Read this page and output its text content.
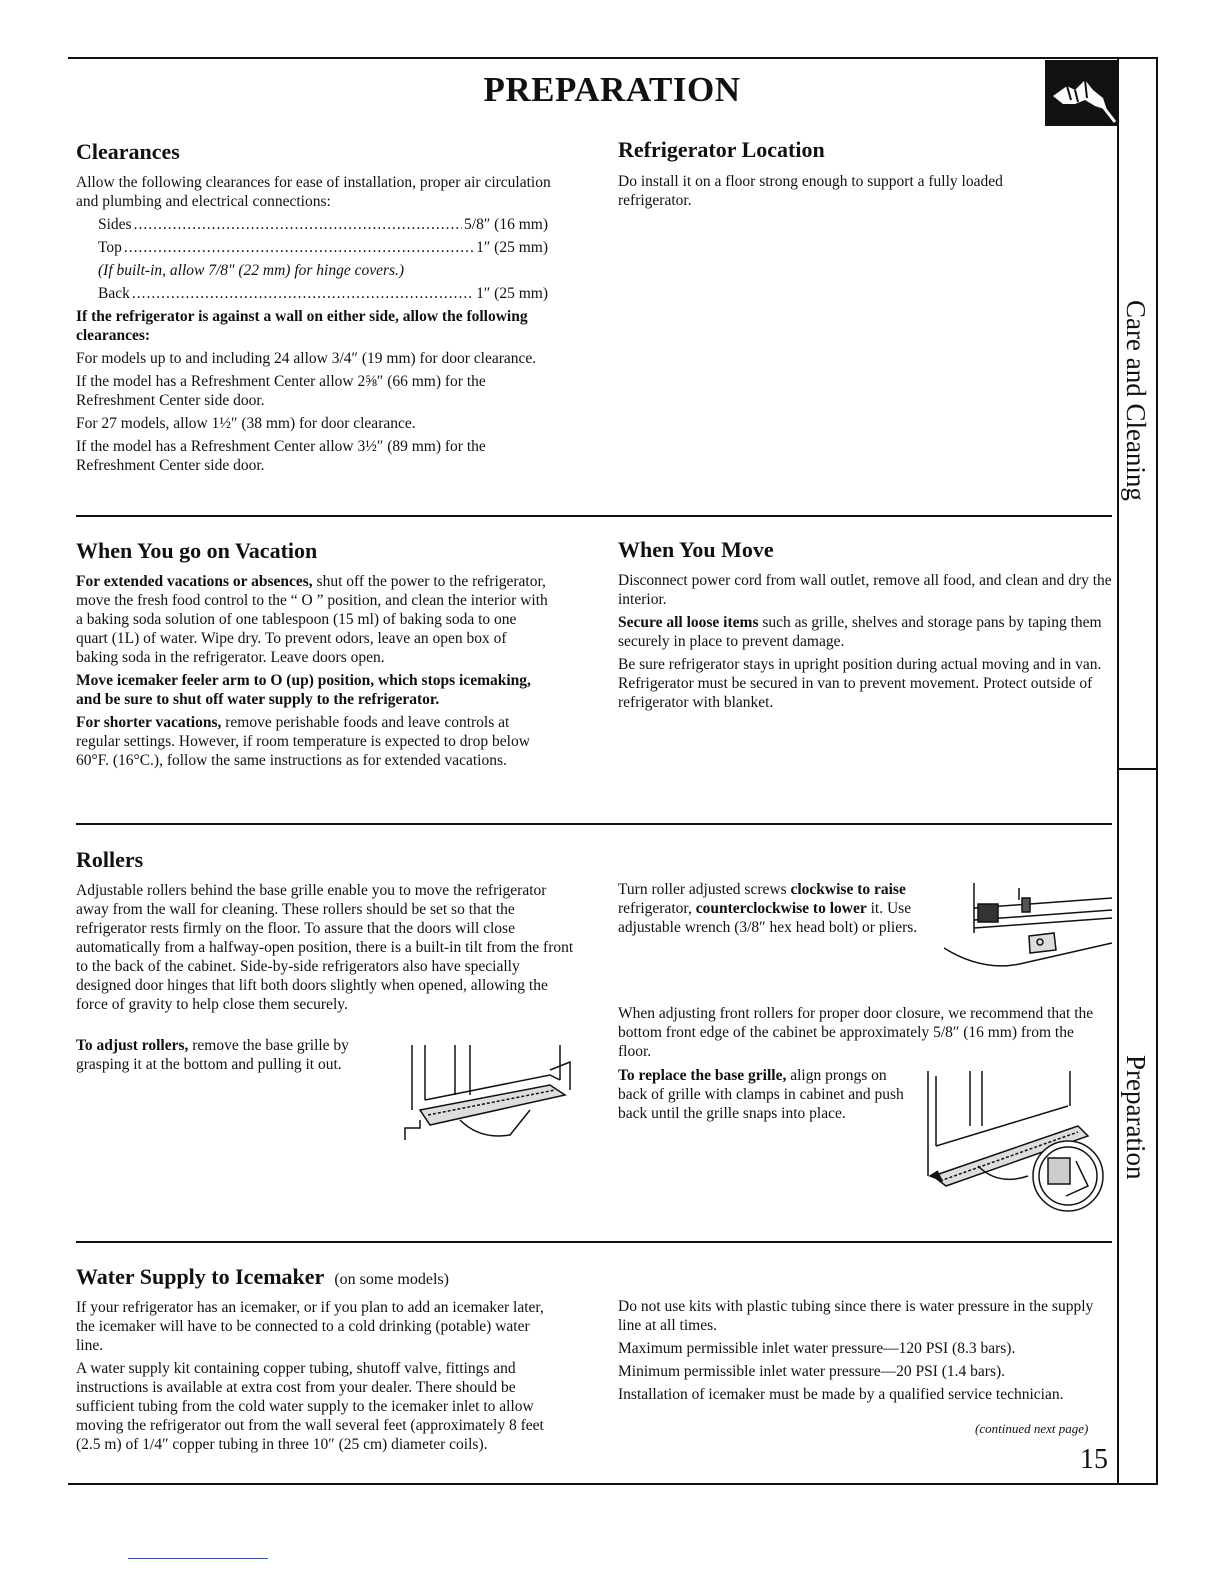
PREPARATION
Care and Cleaning
Preparation
Clearances
Allow the following clearances for ease of installation, proper air circulation and plumbing and electrical connections:
Sides .....	5/8″ (16 mm)
Top .....	1″ (25 mm)
(If built-in, allow 7/8″ (22 mm) for hinge covers.)
Back .....	1″ (25 mm)
If the refrigerator is against a wall on either side, allow the following clearances:
For models up to and including 24 allow 3/4″ (19 mm) for door clearance.
If the model has a Refreshment Center allow 2⅝″ (66 mm) for the Refreshment Center side door.
For 27 models, allow 1½″ (38 mm) for door clearance.
If the model has a Refreshment Center allow 3½″ (89 mm) for the Refreshment Center side door.
Refrigerator Location
Do install it on a floor strong enough to support a fully loaded refrigerator.
When You go on Vacation
For extended vacations or absences, shut off the power to the refrigerator, move the fresh food control to the “ O ” position, and clean the interior with a baking soda solution of one tablespoon (15 ml) of baking soda to one quart (1L) of water. Wipe dry. To prevent odors, leave an open box of baking soda in the refrigerator. Leave doors open.
Move icemaker feeler arm to O (up) position, which stops icemaking, and be sure to shut off water supply to the refrigerator.
For shorter vacations, remove perishable foods and leave controls at regular settings. However, if room temperature is expected to drop below 60°F. (16°C.), follow the same instructions as for extended vacations.
When You Move
Disconnect power cord from wall outlet, remove all food, and clean and dry the interior.
Secure all loose items such as grille, shelves and storage pans by taping them securely in place to prevent damage.
Be sure refrigerator stays in upright position during actual moving and in van. Refrigerator must be secured in van to prevent movement. Protect outside of refrigerator with blanket.
Rollers
Adjustable rollers behind the base grille enable you to move the refrigerator away from the wall for cleaning. These rollers should be set so that the refrigerator rests firmly on the floor. To assure that the doors will close automatically from a halfway-open position, there is a built-in tilt from the front to the back of the cabinet. Side-by-side refrigerators also have specially designed door hinges that lift both doors slightly when opened, allowing the force of gravity to help close them securely.
To adjust rollers, remove the base grille by grasping it at the bottom and pulling it out.
Turn roller adjusted screws clockwise to raise refrigerator, counterclockwise to lower it. Use adjustable wrench (3/8″ hex head bolt) or pliers.
When adjusting front rollers for proper door closure, we recommend that the bottom front edge of the cabinet be approximately 5/8″ (16 mm) from the floor.
To replace the base grille, align prongs on back of grille with clamps in cabinet and push back until the grille snaps into place.
Water Supply to Icemaker (on some models)
If your refrigerator has an icemaker, or if you plan to add an icemaker later, the icemaker will have to be connected to a cold drinking (potable) water line.
A water supply kit containing copper tubing, shutoff valve, fittings and instructions is available at extra cost from your dealer. There should be sufficient tubing from the cold water supply to the icemaker inlet to allow moving the refrigerator out from the wall several feet (approximately 8 feet (2.5 m) of 1/4″ copper tubing in three 10″ (25 cm) diameter coils).
Do not use kits with plastic tubing since there is water pressure in the supply line at all times.
Maximum permissible inlet water pressure—120 PSI (8.3 bars).
Minimum permissible inlet water pressure—20 PSI (1.4 bars).
Installation of icemaker must be made by a qualified service technician.
(continued next page)
15
